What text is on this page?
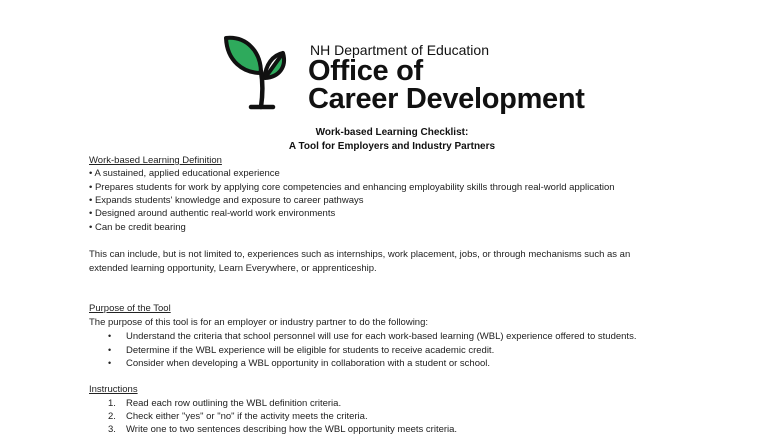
NH Department of Education
Office of
Career Development
Work-based Learning Checklist:
A Tool for Employers and Industry Partners
Work-based Learning Definition
• A sustained, applied educational experience
• Prepares students for work by applying core competencies and enhancing employability skills through real-world application
• Expands students' knowledge and exposure to career pathways
• Designed around authentic real-world work environments
• Can be credit bearing
This can include, but is not limited to, experiences such as internships, work placement, jobs, or through mechanisms such as an
extended learning opportunity, Learn Everywhere, or apprenticeship.
Purpose of the Tool
The purpose of this tool is for an employer or industry partner to do the following:
• Understand the criteria that school personnel will use for each work-based learning (WBL) experience offered to students.
• Determine if the WBL experience will be eligible for students to receive academic credit.
• Consider when developing a WBL opportunity in collaboration with a student or school.
Instructions
1. Read each row outlining the WBL definition criteria.
2. Check either "yes" or "no" if the activity meets the criteria.
3. Write one to two sentences describing how the WBL opportunity meets criteria.
